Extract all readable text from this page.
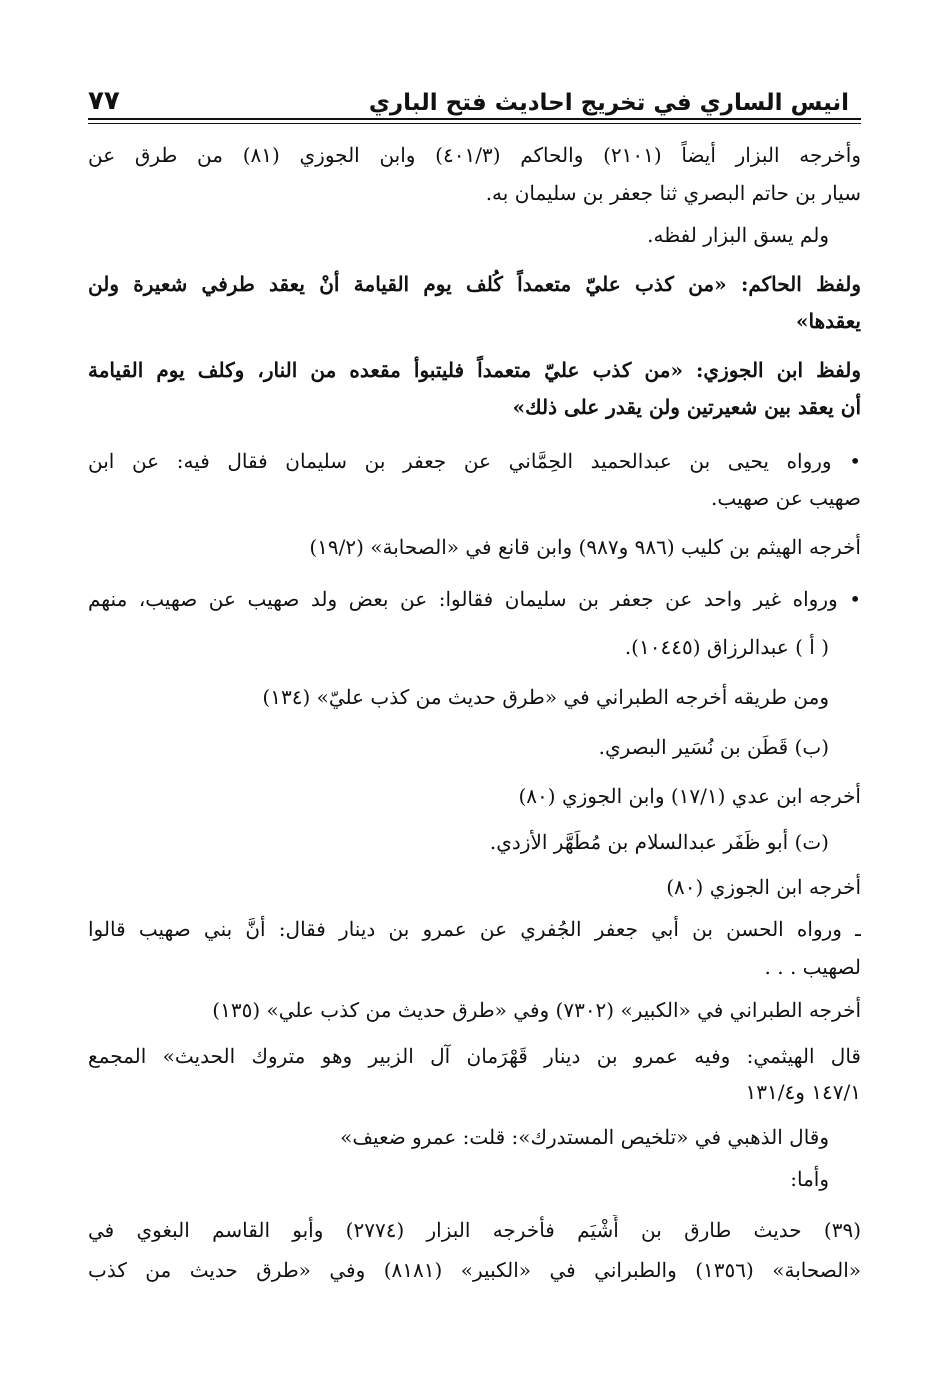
٧٧	انيس الساري في تخريج احاديث فتح الباري
وأخرجه البزار أيضاً (٢١٠١) والحاكم (٤٠١/٣) وابن الجوزي (٨١) من طرق عن
سيار بن حاتم البصري ثنا جعفر بن سليمان به.
ولم يسق البزار لفظه.
ولفظ الحاكم: «من كذب عليّ متعمداً كُلف يوم القيامة أنْ يعقد طرفي شعيرة ولن
يعقدها»
ولفظ ابن الجوزي: «من كذب عليّ متعمداً فليتبوأ مقعده من النار، وكلف يوم القيامة
أن يعقد بين شعيرتين ولن يقدر على ذلك»
• ورواه يحيى بن عبدالحميد الحِمَّاني عن جعفر بن سليمان فقال فيه: عن ابن
صهيب عن صهيب.
أخرجه الهيثم بن كليب (٩٨٦ و٩٨٧) وابن قانع في «الصحابة» (١٩/٢)
• ورواه غير واحد عن جعفر بن سليمان فقالوا: عن بعض ولد صهيب عن صهيب، منهم
( أ ) عبدالرزاق (١٠٤٤٥).
ومن طريقه أخرجه الطبراني في «طرق حديث من كذب عليّ» (١٣٤)
(ب) قَطَن بن نُسَير البصري.
أخرجه ابن عدي (١٧/١) وابن الجوزي (٨٠)
(ت) أبو ظَفَر عبدالسلام بن مُطَهَّر الأزدي.
أخرجه ابن الجوزي (٨٠)
ـ ورواه الحسن بن أبي جعفر الجُفري عن عمرو بن دينار فقال: أنَّ بني صهيب قالوا
لصهيب . . .
أخرجه الطبراني في «الكبير» (٧٣٠٢) وفي «طرق حديث من كذب علي» (١٣٥)
قال الهيثمي: وفيه عمرو بن دينار قَهْرَمان آل الزبير وهو متروك الحديث» المجمع
١٤٧/١ و١٣١/٤
وقال الذهبي في «تلخيص المستدرك»: قلت: عمرو ضعيف»
وأما:
(٣٩) حديث طارق بن أَشْيَم فأخرجه البزار (٢٧٧٤) وأبو القاسم البغوي في
«الصحابة» (١٣٥٦) والطبراني في «الكبير» (٨١٨١) وفي «طرق حديث من كذب
